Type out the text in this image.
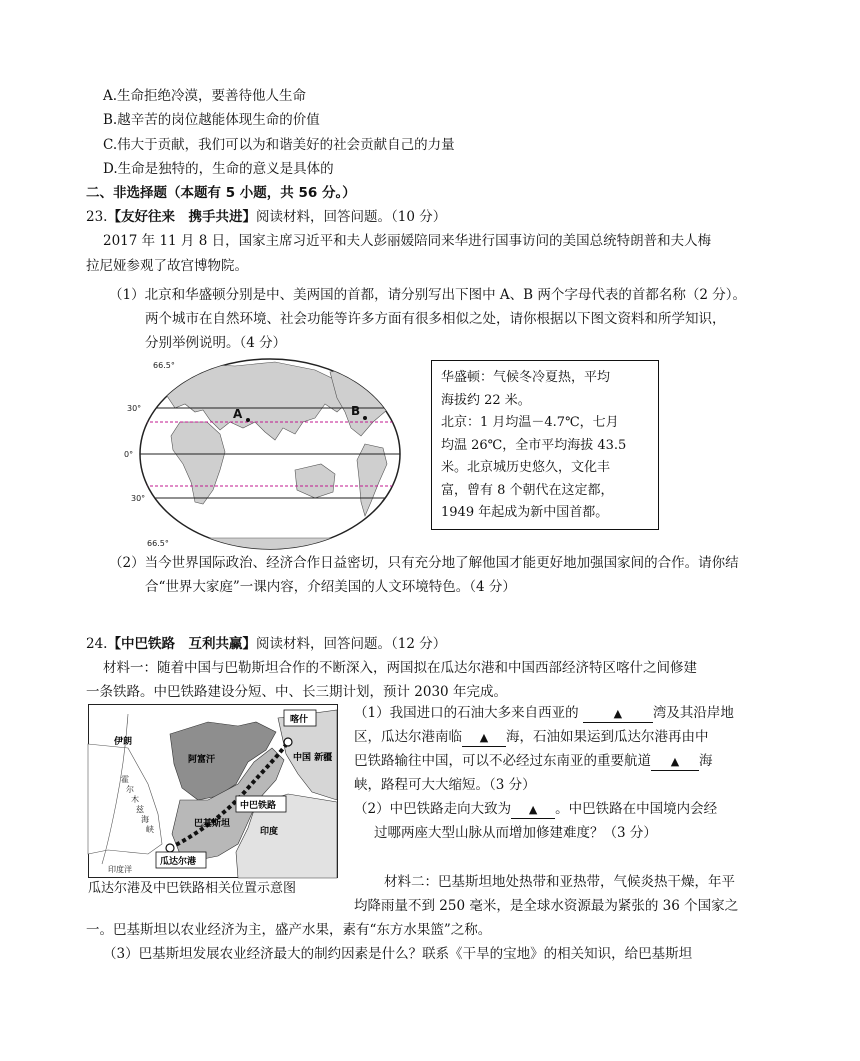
A.生命拒绝冷漠，要善待他人生命
B.越辛苦的岗位越能体现生命的价值
C.伟大于贡献，我们可以为和谐美好的社会贡献自己的力量
D.生命是独特的，生命的意义是具体的
二、非选择题（本题有 5 小题，共 56 分。）
23.【友好往来　携手共进】阅读材料，回答问题。（10 分）
2017 年 11 月 8 日，国家主席习近平和夫人彭丽媛陪同来华进行国事访问的美国总统特朗普和夫人梅
拉尼娅参观了故宫博物院。
（1）北京和华盛顿分别是中、美两国的首都，请分别写出下图中 A、B 两个字母代表的首都名称（2 分）。
两个城市在自然环境、社会功能等许多方面有很多相似之处，请你根据以下图文资料和所学知识，
分别举例说明。（4 分）
66.5°
30°
0°
30°
66.5°
A	B
华盛顿：气候冬冷夏热，平均
海拔约 22 米。
北京：1 月均温－4.7℃，七月
均温 26℃，全市平均海拔 43.5
米。北京城历史悠久，文化丰
富，曾有 8 个朝代在这定都，
1949 年起成为新中国首都。
（2）当今世界国际政治、经济合作日益密切，只有充分地了解他国才能更好地加强国家间的合作。请你结
合“世界大家庭”一课内容，介绍美国的人文环境特色。（4 分）
24.【中巴铁路　互利共赢】阅读材料，回答问题。（12 分）
材料一：随着中国与巴勒斯坦合作的不断深入，两国拟在瓜达尔港和中国西部经济特区喀什之间修建
一条铁路。中巴铁路建设分短、中、长三期计划，预计 2030 年完成。
喀什
伊朗
阿富汗	中国 新疆
中巴铁路
巴基斯坦
印度
瓜达尔港
霍尔木兹海峡
印度洋
瓜达尔港及中巴铁路相关位置示意图
（1）我国进口的石油大多来自西亚的	▲ 湾及其沿岸地
区，瓜达尔港南临 ▲ 海，石油如果运到瓜达尔港再由中
巴铁路输往中国，可以不必经过东南亚的重要航道 ▲ 海
峡，路程可大大缩短。（3 分）
（2）中巴铁路走向大致为 ▲ 。中巴铁路在中国境内会经
过哪两座大型山脉从而增加修建难度？（3 分）
材料二：巴基斯坦地处热带和亚热带，气候炎热干燥，年平
均降雨量不到 250 毫米，是全球水资源最为紧张的 36 个国家之
一。巴基斯坦以农业经济为主，盛产水果，素有“东方水果篮”之称。
（3）巴基斯坦发展农业经济最大的制约因素是什么？联系《干旱的宝地》的相关知识，给巴基斯坦
